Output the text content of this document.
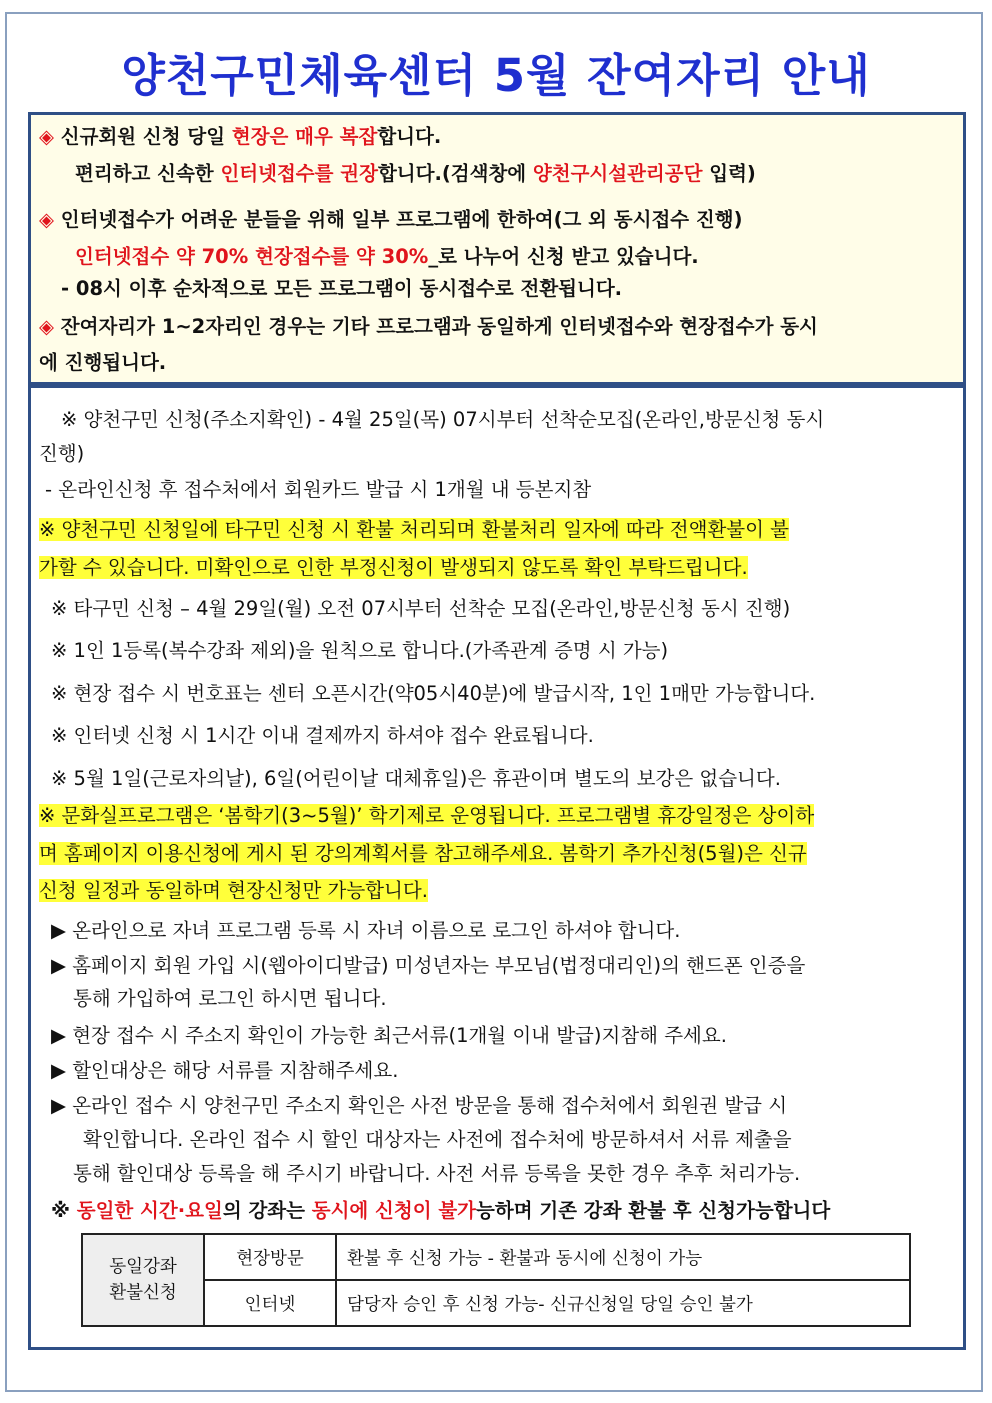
양천구민체육센터 5월 잔여자리 안내
◈ 신규회원 신청 당일 현장은 매우 복잡합니다.
편리하고 신속한 인터넷접수를 권장합니다.(검색창에 양천구시설관리공단 입력)
◈ 인터넷접수가 어려운 분들을 위해 일부 프로그램에 한하여(그 외 동시접수 진행)
인터넷접수 약 70% 현장접수를 약 30%_로 나누어 신청 받고 있습니다.
- 08시 이후 순차적으로 모든 프로그램이 동시접수로 전환됩니다.
◈ 잔여자리가 1~2자리인 경우는 기타 프로그램과 동일하게 인터넷접수와 현장접수가 동시
에 진행됩니다.
※ 양천구민 신청(주소지확인) - 4월 25일(목) 07시부터 선착순모집(온라인,방문신청 동시
진행)
- 온라인신청 후 접수처에서 회원카드 발급 시 1개월 내 등본지참
※ 양천구민 신청일에 타구민 신청 시 환불 처리되며 환불처리 일자에 따라 전액환불이 불
가할 수 있습니다. 미확인으로 인한 부정신청이 발생되지 않도록 확인 부탁드립니다.
※ 타구민 신청 – 4월 29일(월) 오전 07시부터 선착순 모집(온라인,방문신청 동시 진행)
※ 1인 1등록(복수강좌 제외)을 원칙으로 합니다.(가족관계 증명 시 가능)
※ 현장 접수 시 번호표는 센터 오픈시간(약05시40분)에 발급시작, 1인 1매만 가능합니다.
※ 인터넷 신청 시 1시간 이내 결제까지 하셔야 접수 완료됩니다.
※ 5월 1일(근로자의날), 6일(어린이날 대체휴일)은 휴관이며 별도의 보강은 없습니다.
※ 문화실프로그램은 ‘봄학기(3~5월)’ 학기제로 운영됩니다. 프로그램별 휴강일정은 상이하
며 홈페이지 이용신청에 게시 된 강의계획서를 참고해주세요. 봄학기 추가신청(5월)은 신규
신청 일정과 동일하며 현장신청만 가능합니다.
▶ 온라인으로 자녀 프로그램 등록 시 자녀 이름으로 로그인 하셔야 합니다.
▶ 홈페이지 회원 가입 시(웹아이디발급) 미성년자는 부모님(법정대리인)의 핸드폰 인증을
통해 가입하여 로그인 하시면 됩니다.
▶ 현장 접수 시 주소지 확인이 가능한 최근서류(1개월 이내 발급)지참해 주세요.
▶ 할인대상은 해당 서류를 지참해주세요.
▶ 온라인 접수 시 양천구민 주소지 확인은 사전 방문을 통해 접수처에서 회원권 발급 시
확인합니다. 온라인 접수 시 할인 대상자는 사전에 접수처에 방문하셔서 서류 제출을
통해 할인대상 등록을 해 주시기 바랍니다. 사전 서류 등록을 못한 경우 추후 처리가능.
※ 동일한 시간·요일의 강좌는 동시에 신청이 불가능하며 기존 강좌 환불 후 신청가능합니다
동일강좌
환불신청	현장방문	환불 후 신청 가능 - 환불과 동시에 신청이 가능
	인터넷	담당자 승인 후 신청 가능- 신규신청일 당일 승인 불가
